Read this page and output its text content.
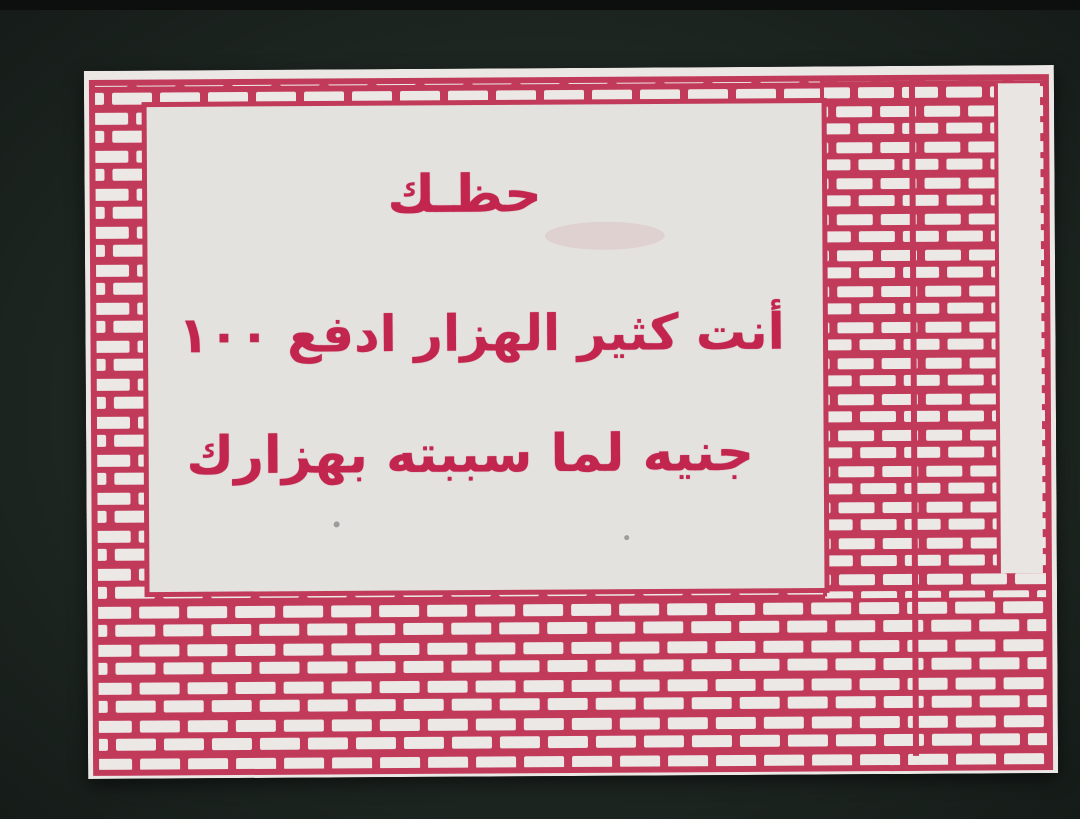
حظـك
أنت كثير الهزار ادفع ١٠٠
جنيه لما سببته بهزارك
